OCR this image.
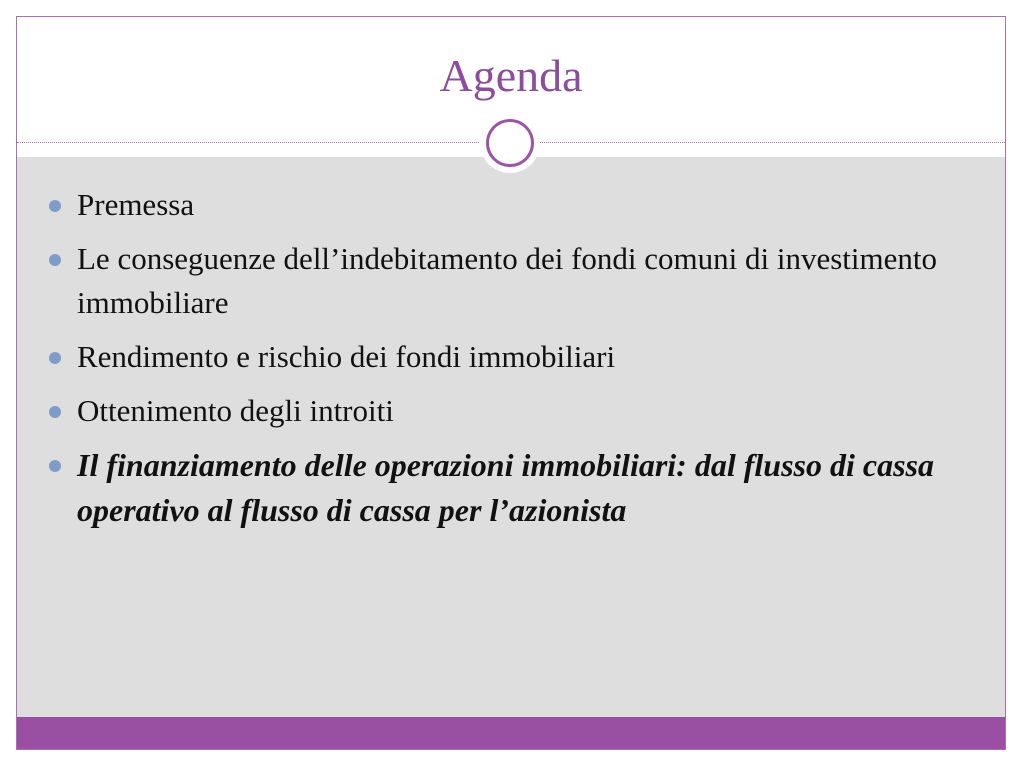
Agenda
Premessa
Le conseguenze dell’indebitamento dei fondi comuni di investimento immobiliare
Rendimento e rischio dei fondi immobiliari
Ottenimento degli introiti
Il finanziamento delle operazioni immobiliari: dal flusso di cassa operativo al flusso di cassa per l’azionista
